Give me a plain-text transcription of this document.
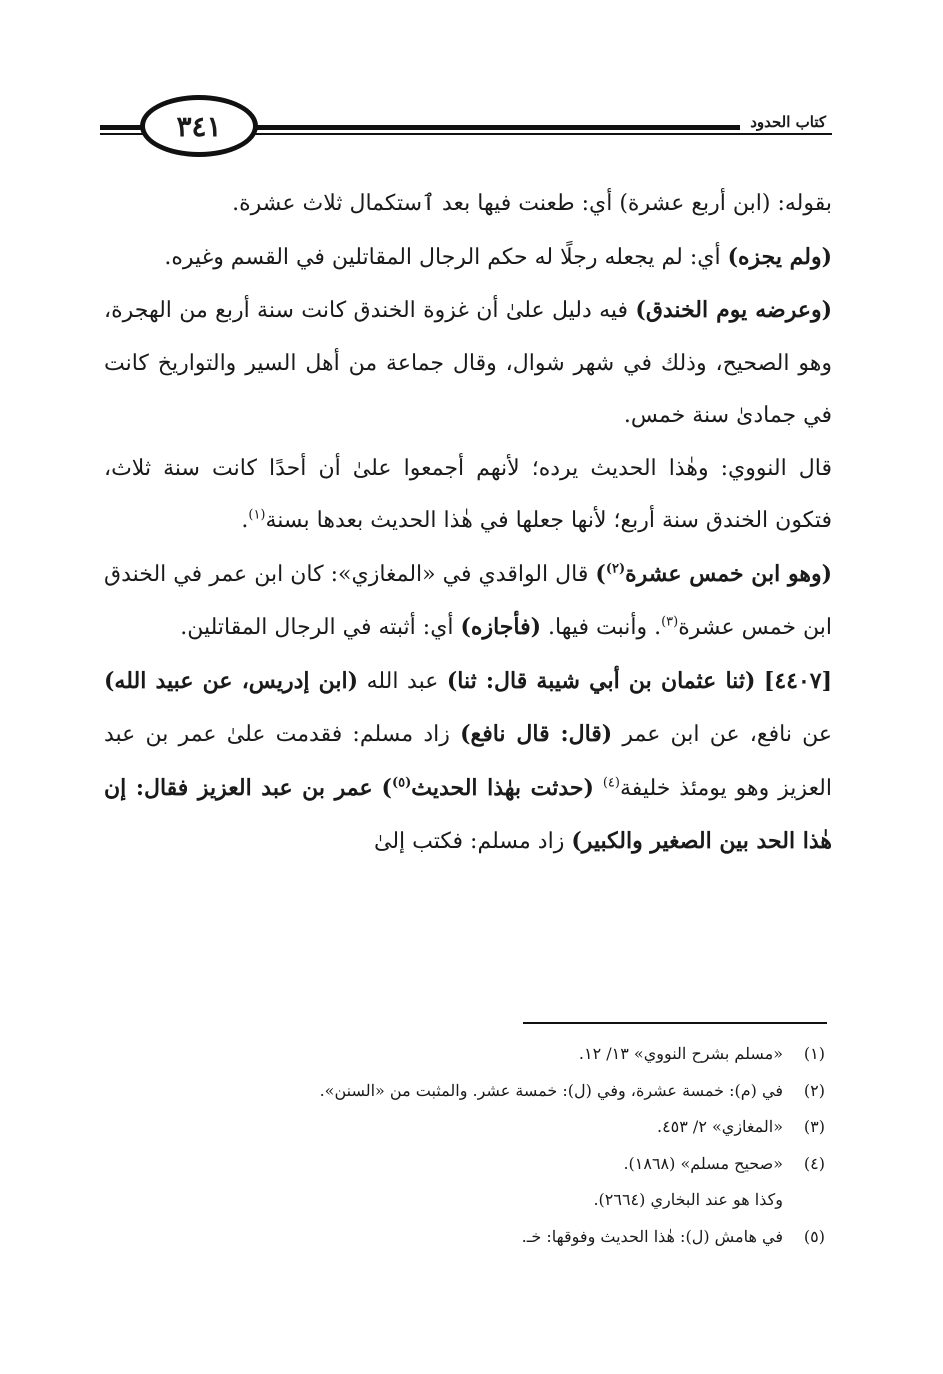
كتاب الحدود
٣٤١

بقوله: (ابن أربع عشرة) أي: طعنت فيها بعد ٱستكمال ثلاث عشرة.

(ولم يجزه) أي: لم يجعله رجلًا له حكم الرجال المقاتلين في القسم وغيره.

(وعرضه يوم الخندق) فيه دليل علىٰ أن غزوة الخندق كانت سنة أربع من الهجرة، وهو الصحيح، وذلك في شهر شوال، وقال جماعة من أهل السير والتواريخ كانت في جمادىٰ سنة خمس.

قال النووي: وهٰذا الحديث يرده؛ لأنهم أجمعوا علىٰ أن أحدًا كانت سنة ثلاث، فتكون الخندق سنة أربع؛ لأنها جعلها في هٰذا الحديث بعدها بسنة$^{(١)}$.

(وهو ابن خمس عشرة$^{(٢)}$) قال الواقدي في «المغازي»: كان ابن عمر في الخندق ابن خمس عشرة$^{(٣)}$. وأنبت فيها. (فأجازه) أي: أثبته في الرجال المقاتلين.

[٤٤٠٧] (ثنا عثمان بن أبي شيبة قال: ثنا) عبد الله (ابن إدريس، عن عبيد الله) عن نافع، عن ابن عمر (قال: قال نافع) زاد مسلم: فقدمت علىٰ عمر بن عبد العزيز وهو يومئذ خليفة$^{(٤)}$ (حدثت بهٰذا الحديث$^{(٥)}$) عمر بن عبد العزيز فقال: إن هٰذا الحد بين الصغير والكبير) زاد مسلم: فكتب إلىٰ

(١)
«مسلم بشرح النووي» ١٣/ ١٢.
(٢)
في (م): خمسة عشرة، وفي (ل): خمسة عشر. والمثبت من «السنن».
(٣)
«المغازي» ٢/ ٤٥٣.
(٤)
«صحيح مسلم» (١٨٦٨).
وكذا هو عند البخاري (٢٦٦٤).
(٥)
في هامش (ل): هٰذا الحديث وفوقها: خـ.
